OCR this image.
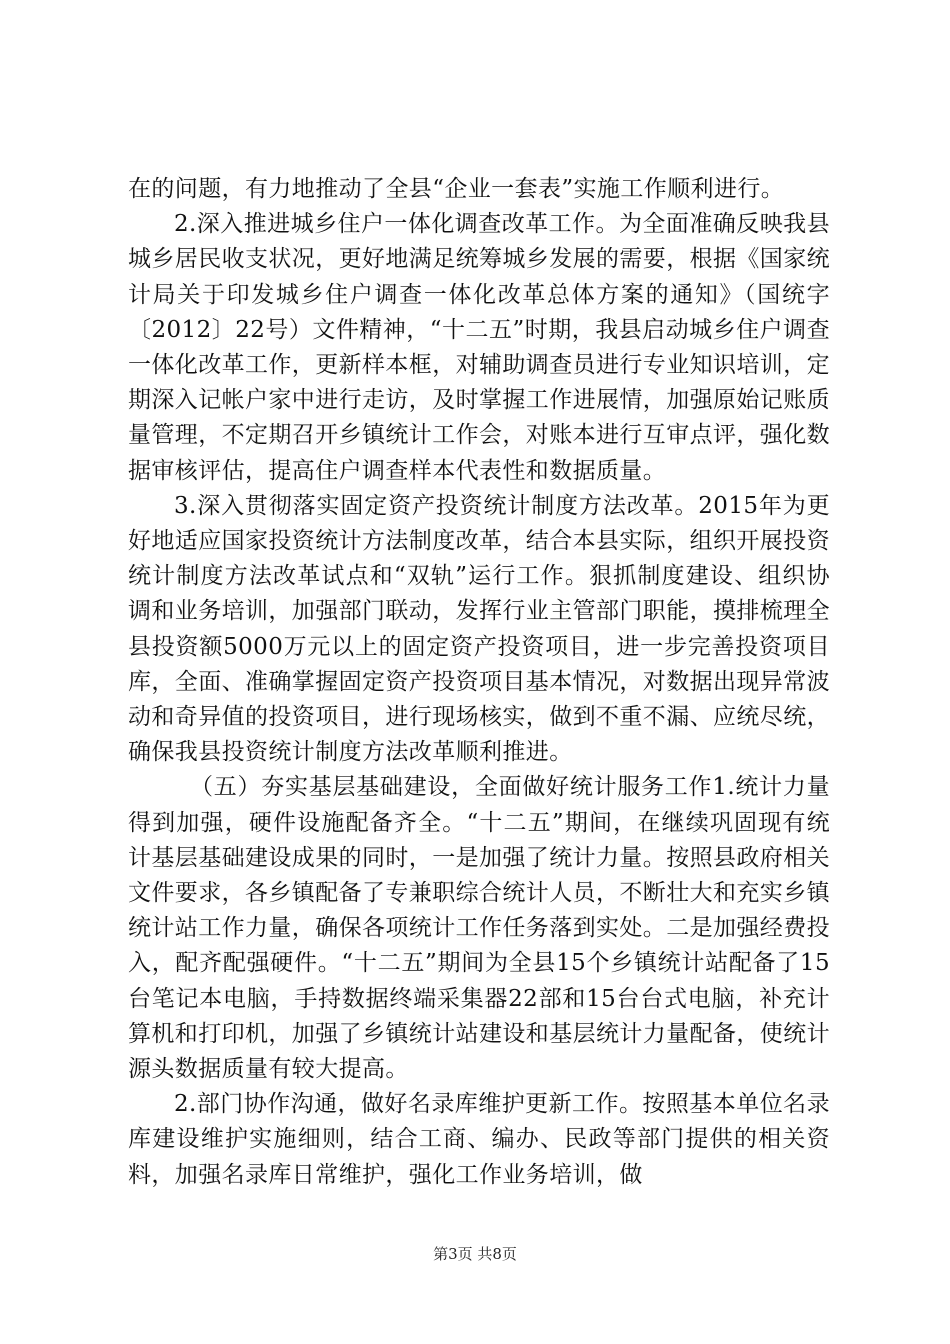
在的问题，有力地推动了全县“企业一套表”实施工作顺利进行。

2.深入推进城乡住户一体化调查改革工作。为全面准确反映我县城乡居民收支状况，更好地满足统筹城乡发展的需要，根据《国家统计局关于印发城乡住户调查一体化改革总体方案的通知》（国统字〔2012〕22号）文件精神，“十二五”时期，我县启动城乡住户调查一体化改革工作，更新样本框，对辅助调查员进行专业知识培训，定期深入记帐户家中进行走访，及时掌握工作进展情，加强原始记账质量管理，不定期召开乡镇统计工作会，对账本进行互审点评，强化数据审核评估，提高住户调查样本代表性和数据质量。

3.深入贯彻落实固定资产投资统计制度方法改革。2015年为更好地适应国家投资统计方法制度改革，结合本县实际，组织开展投资统计制度方法改革试点和“双轨”运行工作。狠抓制度建设、组织协调和业务培训，加强部门联动，发挥行业主管部门职能，摸排梳理全县投资额5000万元以上的固定资产投资项目，进一步完善投资项目库，全面、准确掌握固定资产投资项目基本情况，对数据出现异常波动和奇异值的投资项目，进行现场核实，做到不重不漏、应统尽统，确保我县投资统计制度方法改革顺利推进。

（五）夯实基层基础建设，全面做好统计服务工作1.统计力量得到加强，硬件设施配备齐全。“十二五”期间，在继续巩固现有统计基层基础建设成果的同时，一是加强了统计力量。按照县政府相关文件要求，各乡镇配备了专兼职综合统计人员，不断壮大和充实乡镇统计站工作力量，确保各项统计工作任务落到实处。二是加强经费投入，配齐配强硬件。“十二五”期间为全县15个乡镇统计站配备了15台笔记本电脑，手持数据终端采集器22部和15台台式电脑，补充计算机和打印机，加强了乡镇统计站建设和基层统计力量配备，使统计源头数据质量有较大提高。

2.部门协作沟通，做好名录库维护更新工作。按照基本单位名录库建设维护实施细则，结合工商、编办、民政等部门提供的相关资料，加强名录库日常维护，强化工作业务培训，做

第3页 共8页
